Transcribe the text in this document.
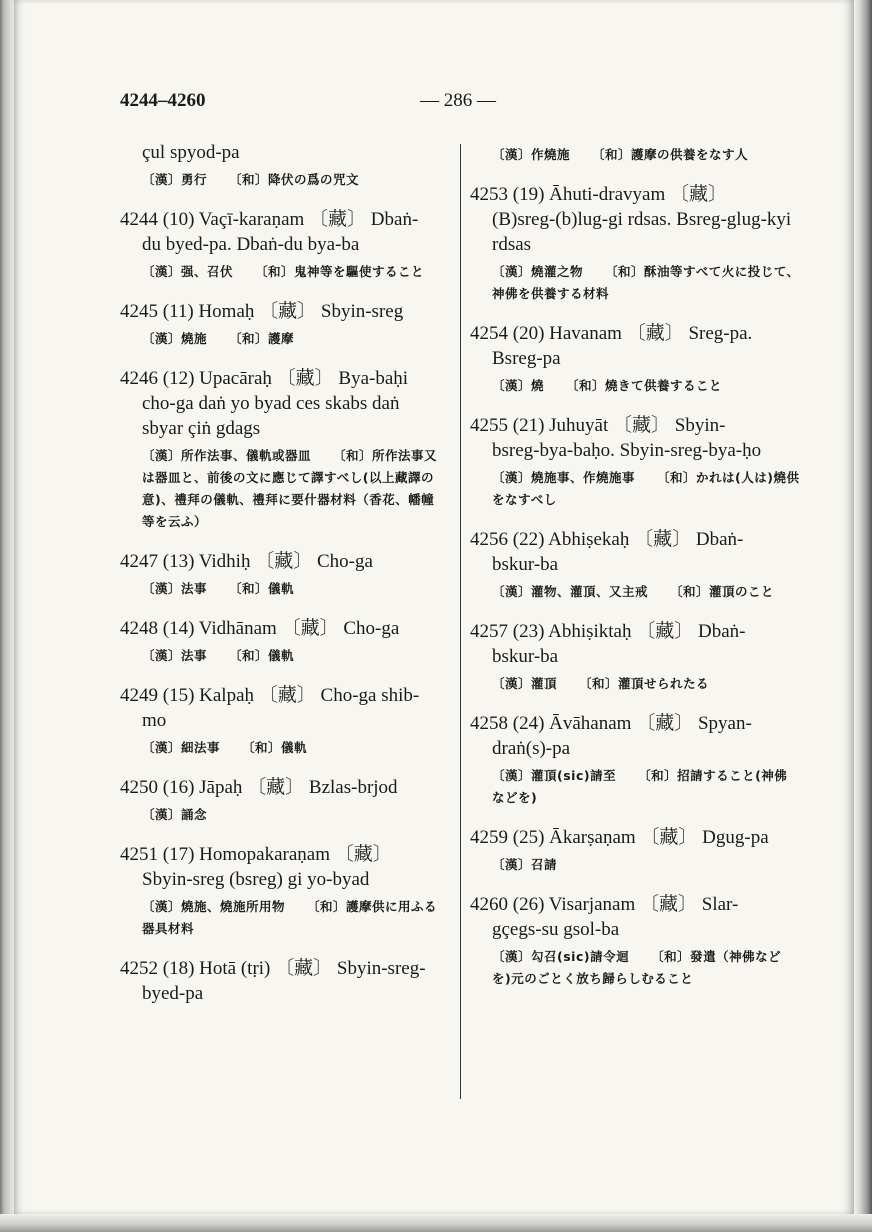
4244–4260	— 286 —
çul spyod-pa
〔漢〕勇行 〔和〕降伏の爲の咒文
4244 (10) Vaçī-karaṇam 〔藏〕 Dbaṅ-
du byed-pa. Dbaṅ-du bya-ba
〔漢〕强、召伏 〔和〕鬼神等を驅使すること
4245 (11) Homaḥ 〔藏〕 Sbyin-sreg
〔漢〕燒施 〔和〕護摩
4246 (12) Upacāraḥ 〔藏〕 Bya-baḥi
cho-ga daṅ yo byad ces skabs daṅ sbyar çiṅ gdags
〔漢〕所作法事、儀軌或器皿 〔和〕所作法事又は器皿と、前後の文に應じて譯すべし(以上藏譯の意)、禮拜の儀軌、禮拜に要什器材料（香花、幡幢等を云ふ）
4247 (13) Vidhiḥ 〔藏〕 Cho-ga
〔漢〕法事 〔和〕儀軌
4248 (14) Vidhānam 〔藏〕 Cho-ga
〔漢〕法事 〔和〕儀軌
4249 (15) Kalpaḥ 〔藏〕 Cho-ga shib-
mo
〔漢〕細法事 〔和〕儀軌
4250 (16) Jāpaḥ 〔藏〕 Bzlas-brjod
〔漢〕誦念
4251 (17) Homopakaraṇam 〔藏〕
Sbyin-sreg (bsreg) gi yo-byad
〔漢〕燒施、燒施所用物 〔和〕護摩供に用ふる器具材料
4252 (18) Hotā (tṛi) 〔藏〕 Sbyin-sreg-
byed-pa
〔漢〕作燒施 〔和〕護摩の供養をなす人
4253 (19) Āhuti-dravyam 〔藏〕
(B)sreg-(b)lug-gi rdsas. Bsreg-glug-kyi rdsas
〔漢〕燒灌之物 〔和〕酥油等すべて火に投じて、神佛を供養する材料
4254 (20) Havanam 〔藏〕 Sreg-pa.
Bsreg-pa
〔漢〕燒 〔和〕燒きて供養すること
4255 (21) Juhuyāt 〔藏〕 Sbyin-
bsreg-bya-baḥo. Sbyin-sreg-bya-ḥo
〔漢〕燒施事、作燒施事 〔和〕かれは(人は)燒供をなすべし
4256 (22) Abhiṣekaḥ 〔藏〕 Dbaṅ-
bskur-ba
〔漢〕灌物、灌頂、又主戒 〔和〕灌頂のこと
4257 (23) Abhiṣiktaḥ 〔藏〕 Dbaṅ-
bskur-ba
〔漢〕灌頂 〔和〕灌頂せられたる
4258 (24) Āvāhanam 〔藏〕 Spyan-
draṅ(s)-pa
〔漢〕灌頂(sic)請至 〔和〕招請すること(神佛などを)
4259 (25) Ākarṣaṇam 〔藏〕 Dgug-pa
〔漢〕召請
4260 (26) Visarjanam 〔藏〕 Slar-
gçegs-su gsol-ba
〔漢〕勾召(sic)請令迴 〔和〕發遣（神佛などを)元のごとく放ち歸らしむること
